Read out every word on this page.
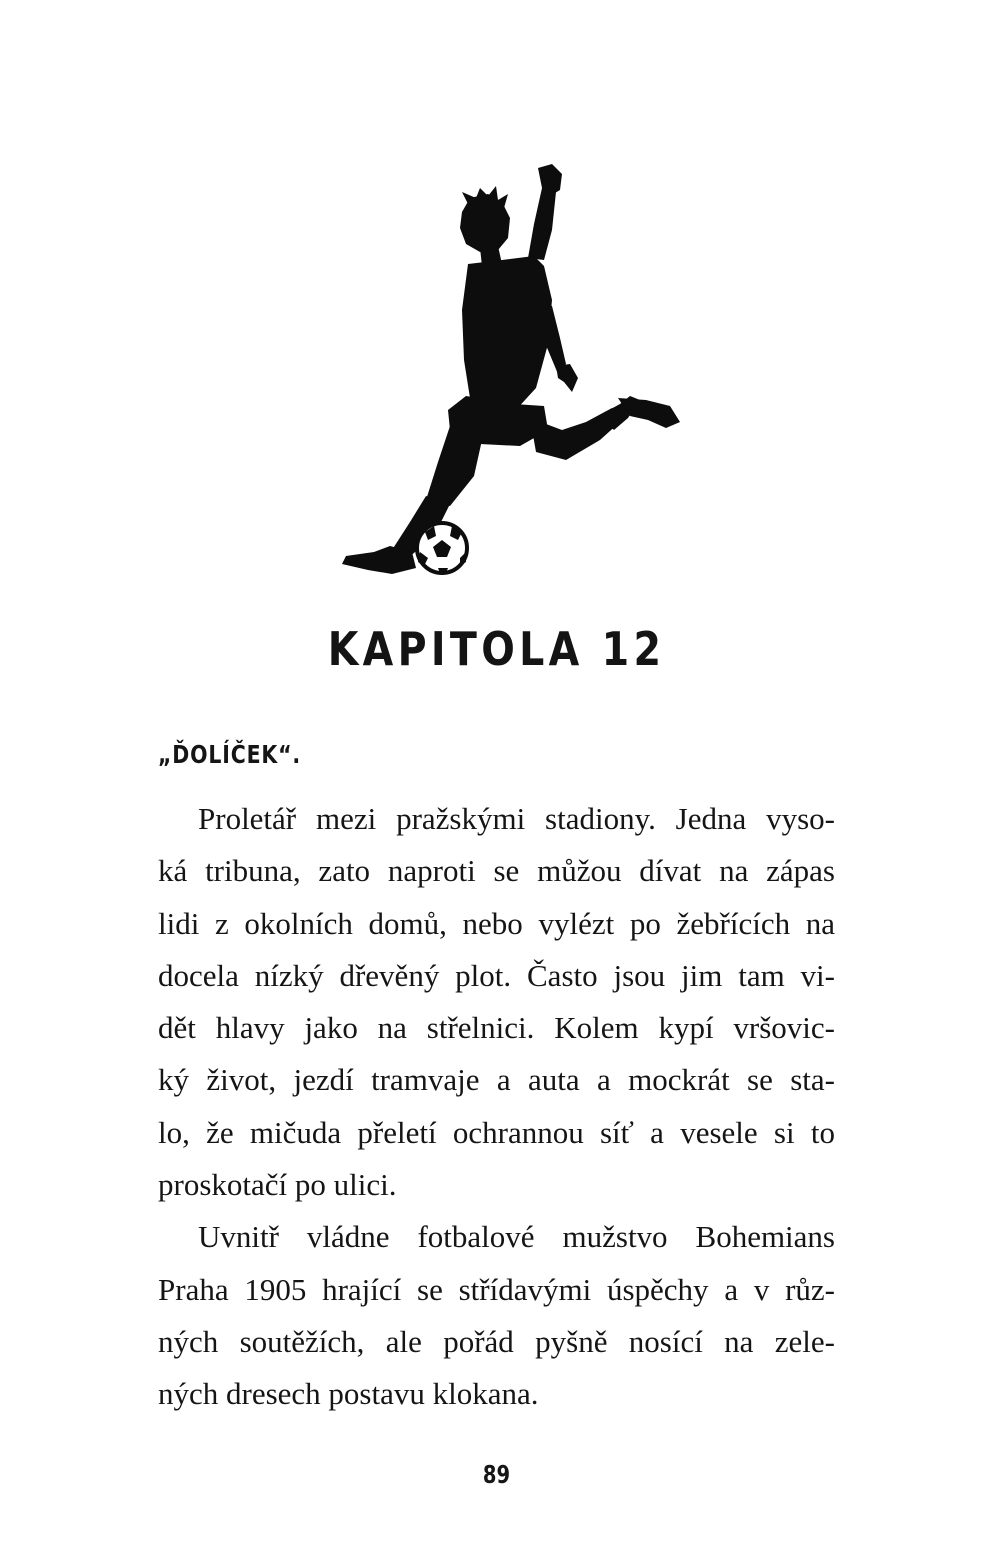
KAPITOLA 12
„ĎOLÍČEK“.
Proletář mezi pražskými stadiony. Jedna vyso-
ká tribuna, zato naproti se můžou dívat na zápas
lidi z okolních domů, nebo vylézt po žebřících na
docela nízký dřevěný plot. Často jsou jim tam vi-
dět hlavy jako na střelnici. Kolem kypí vršovic-
ký život, jezdí tramvaje a auta a mockrát se sta-
lo, že mičuda přeletí ochrannou síť a vesele si to
proskotačí po ulici.
Uvnitř vládne fotbalové mužstvo Bohemians
Praha 1905 hrající se střídavými úspěchy a v růz-
ných soutěžích, ale pořád pyšně nosící na zele-
ných dresech postavu klokana.
89
